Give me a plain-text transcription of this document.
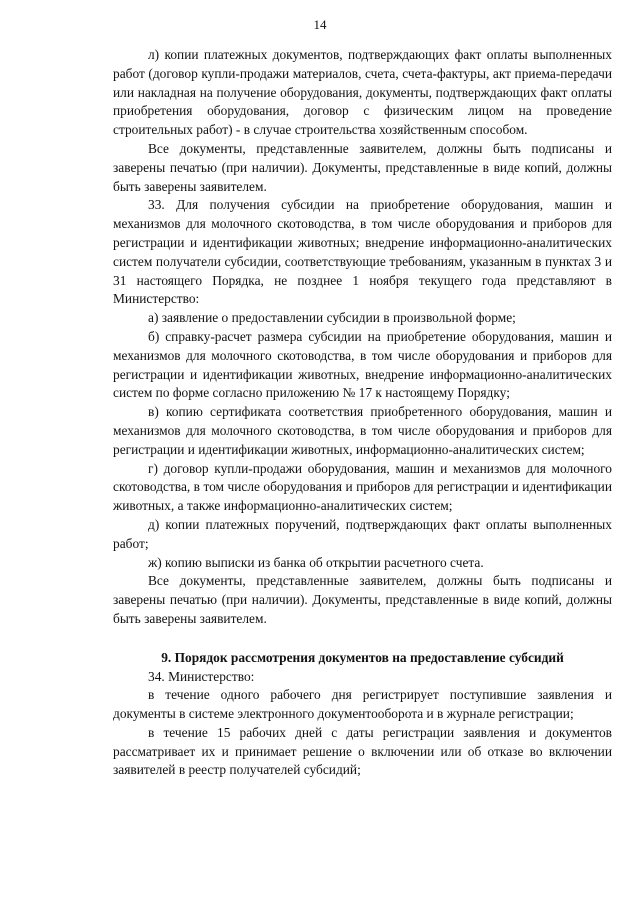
14

л) копии платежных документов, подтверждающих факт оплаты выполненных работ (договор купли-продажи материалов, счета, счета-фактуры, акт приема-передачи или накладная на получение оборудования, документы, подтверждающих факт оплаты приобретения оборудования, договор с физическим лицом на проведение строительных работ) - в случае строительства хозяйственным способом.

Все документы, представленные заявителем, должны быть подписаны и заверены печатью (при наличии). Документы, представленные в виде копий, должны быть заверены заявителем.

33. Для получения субсидии на приобретение оборудования, машин и механизмов для молочного скотоводства, в том числе оборудования и приборов для регистрации и идентификации животных; внедрение информационно-аналитических систем получатели субсидии, соответствующие требованиям, указанным в пунктах 3 и 31 настоящего Порядка, не позднее 1 ноября текущего года представляют в Министерство:

а) заявление о предоставлении субсидии в произвольной форме;

б) справку-расчет размера субсидии на приобретение оборудования, машин и механизмов для молочного скотоводства, в том числе оборудования и приборов для регистрации и идентификации животных, внедрение информационно-аналитических систем по форме согласно приложению № 17 к настоящему Порядку;

в) копию сертификата соответствия приобретенного оборудования, машин и механизмов для молочного скотоводства, в том числе оборудования и приборов для регистрации и идентификации животных, информационно-аналитических систем;

г) договор купли-продажи оборудования, машин и механизмов для молочного скотоводства, в том числе оборудования и приборов для регистрации и идентификации животных, а также информационно-аналитических систем;

д) копии платежных поручений, подтверждающих факт оплаты выполненных работ;

ж) копию выписки из банка об открытии расчетного счета.

Все документы, представленные заявителем, должны быть подписаны и заверены печатью (при наличии). Документы, представленные в виде копий, должны быть заверены заявителем.

9. Порядок рассмотрения документов на предоставление субсидий

34. Министерство:

в течение одного рабочего дня регистрирует поступившие заявления и документы в системе электронного документооборота и в журнале регистрации;

в течение 15 рабочих дней с даты регистрации заявления и документов рассматривает их и принимает решение о включении или об отказе во включении заявителей в реестр получателей субсидий;
